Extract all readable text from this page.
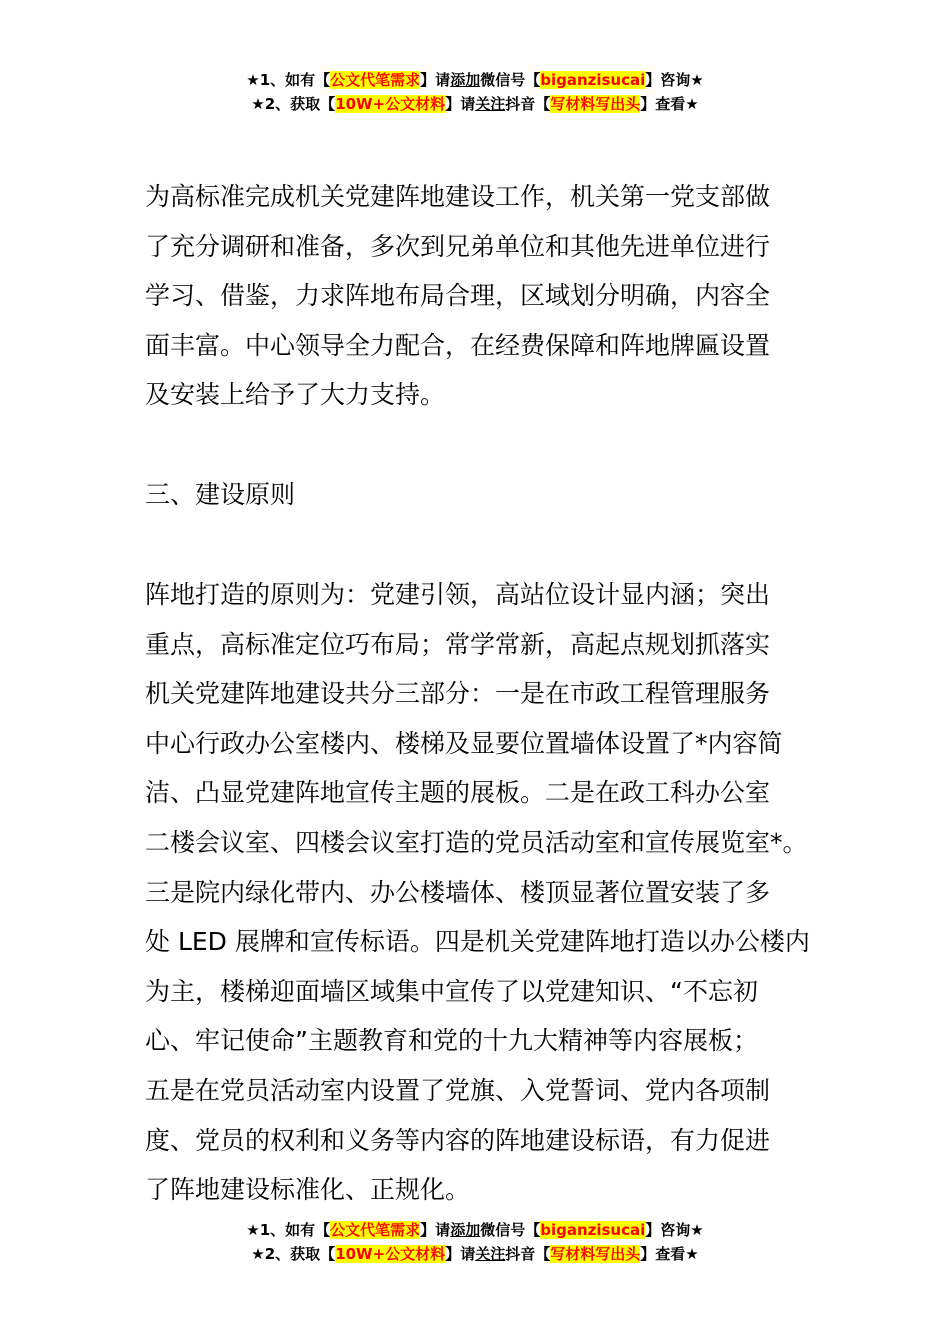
★1、如有【公文代笔需求】请添加微信号【biganzisucai】咨询★
★2、获取【10W+公文材料】请关注抖音【写材料写出头】查看★
为高标准完成机关党建阵地建设工作，机关第一党支部做
了充分调研和准备，多次到兄弟单位和其他先进单位进行
学习、借鉴，力求阵地布局合理，区域划分明确，内容全
面丰富。中心领导全力配合，在经费保障和阵地牌匾设置
及安装上给予了大力支持。
三、建设原则
阵地打造的原则为：党建引领，高站位设计显内涵；突出
重点，高标准定位巧布局；常学常新，高起点规划抓落实
机关党建阵地建设共分三部分：一是在市政工程管理服务
中心行政办公室楼内、楼梯及显要位置墙体设置了*内容简
洁、凸显党建阵地宣传主题的展板。二是在政工科办公室
二楼会议室、四楼会议室打造的党员活动室和宣传展览室*。
三是院内绿化带内、办公楼墙体、楼顶显著位置安装了多
处 LED 展牌和宣传标语。四是机关党建阵地打造以办公楼内
为主，楼梯迎面墙区域集中宣传了以党建知识、“不忘初
心、牢记使命”主题教育和党的十九大精神等内容展板；
五是在党员活动室内设置了党旗、入党誓词、党内各项制
度、党员的权利和义务等内容的阵地建设标语，有力促进
了阵地建设标准化、正规化。
★1、如有【公文代笔需求】请添加微信号【biganzisucai】咨询★
★2、获取【10W+公文材料】请关注抖音【写材料写出头】查看★
